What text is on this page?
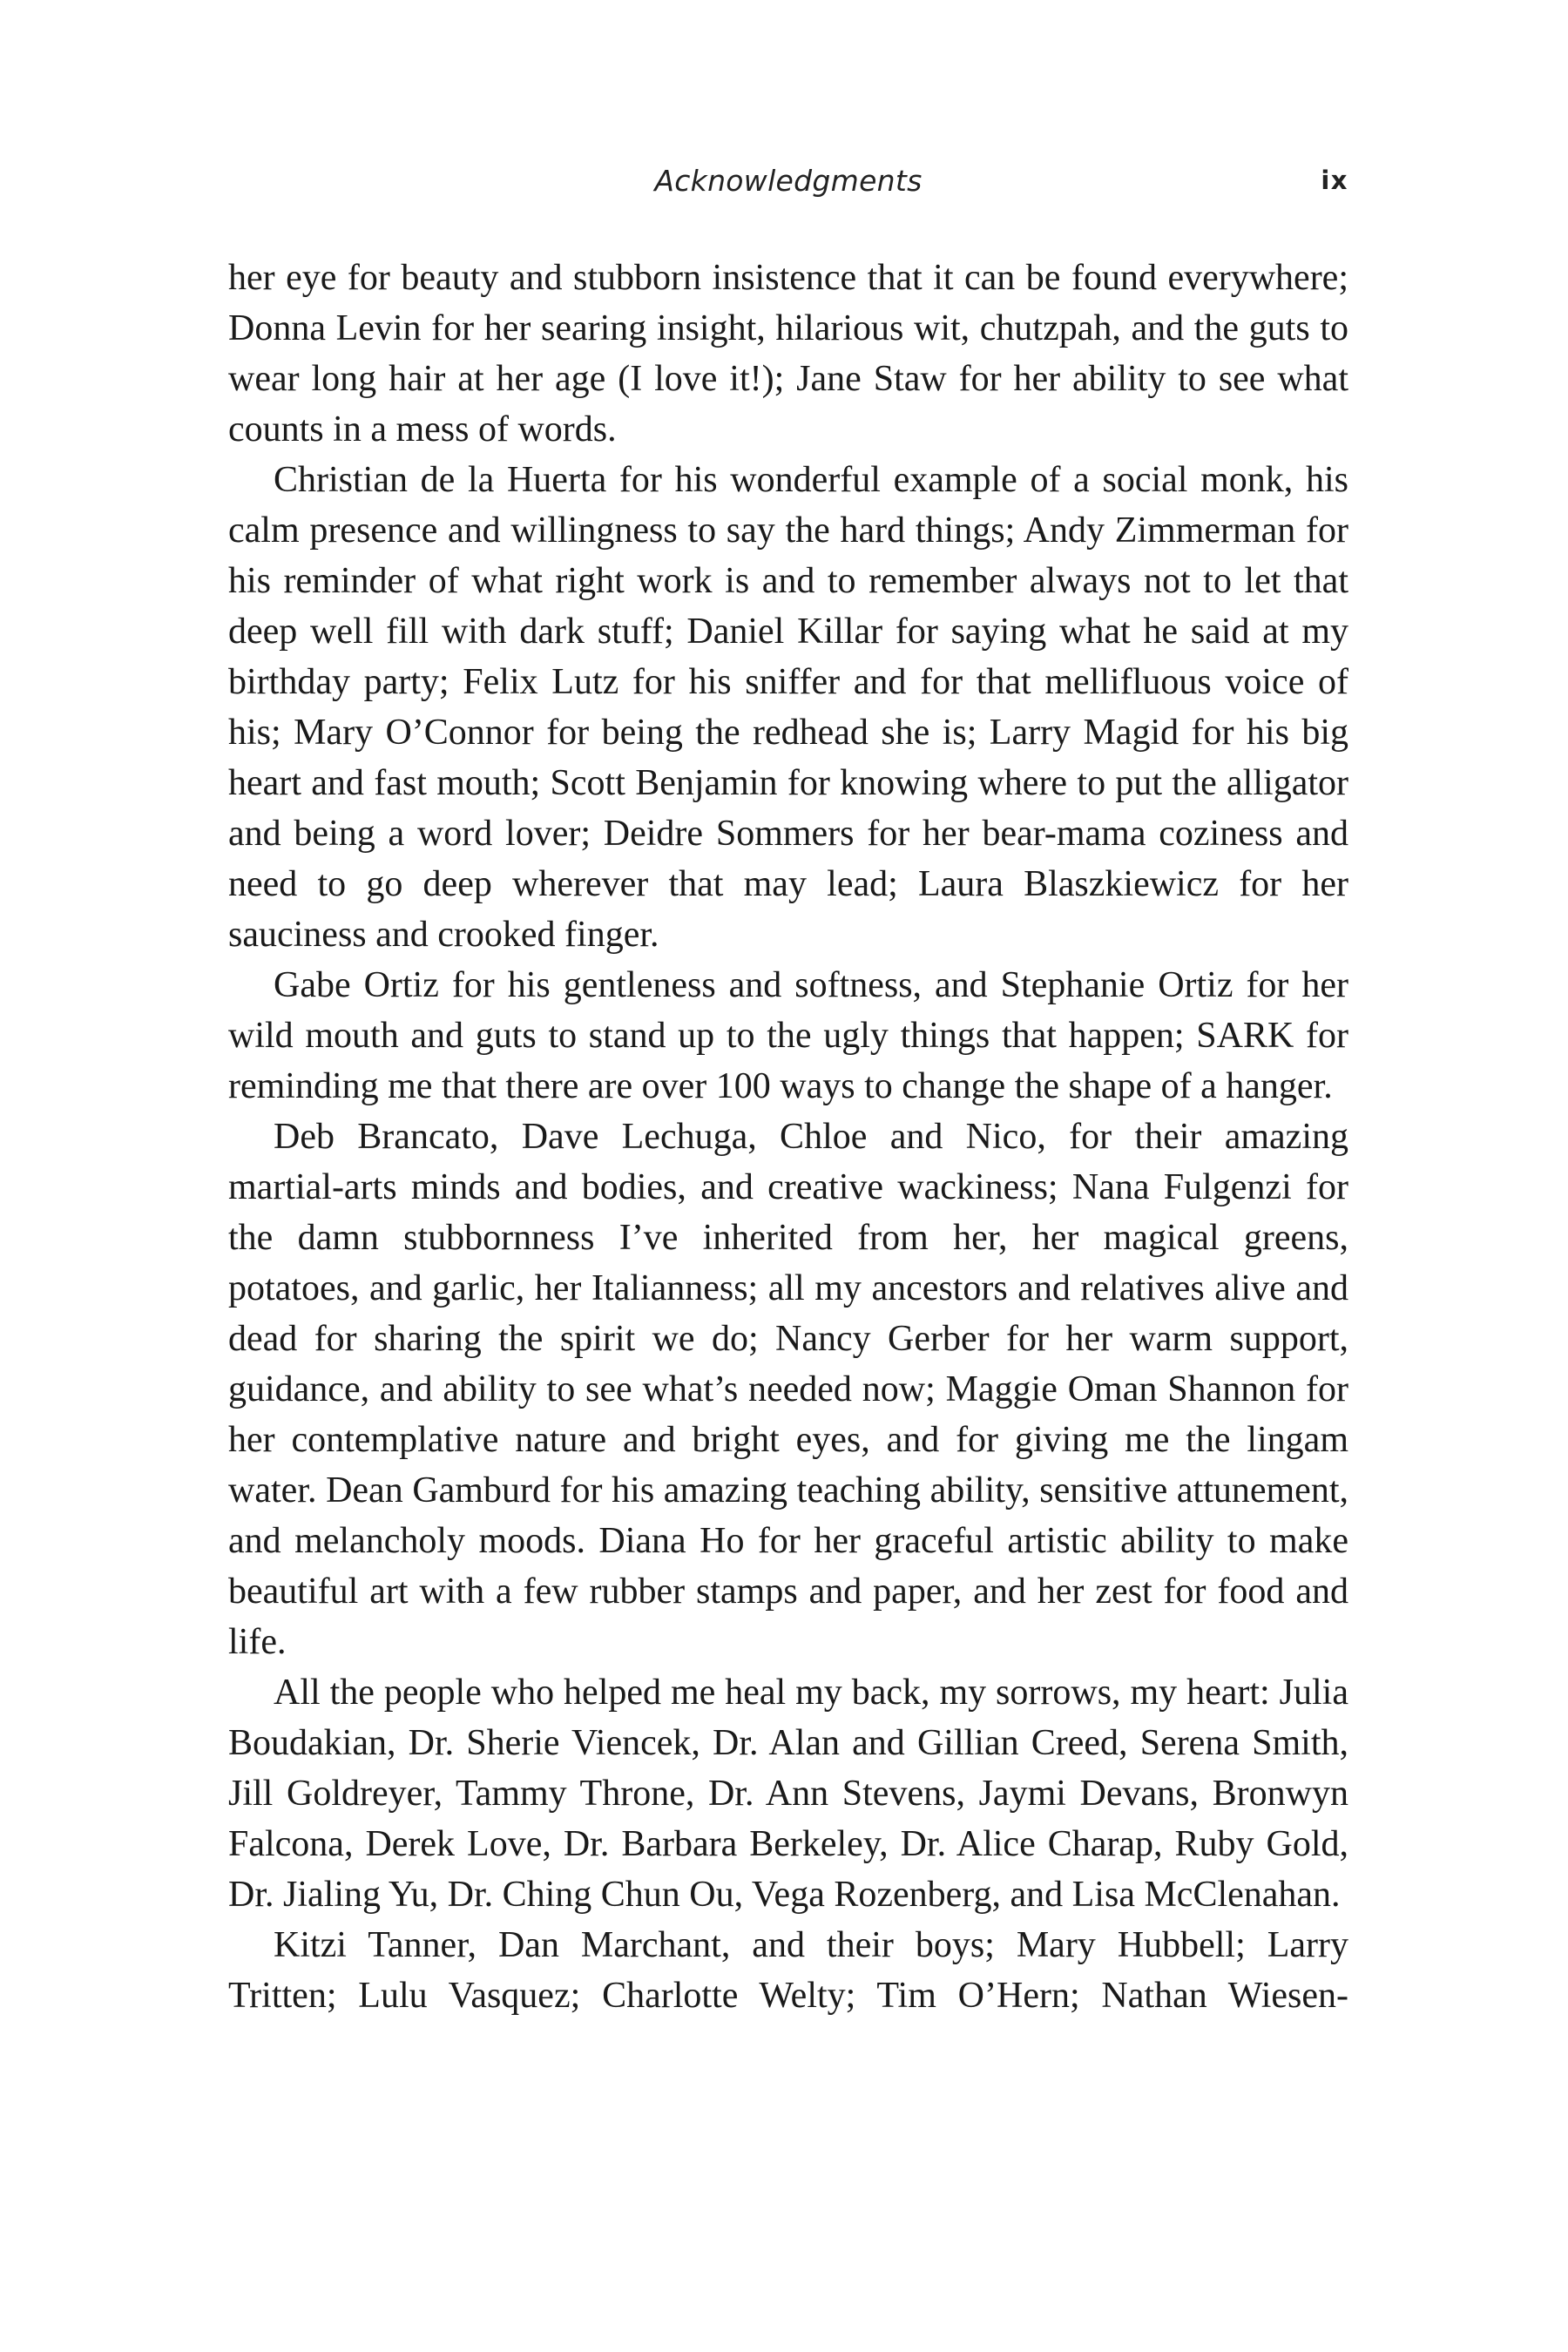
Acknowledgments	ix

her eye for beauty and stubborn insistence that it can be found everywhere; Donna Levin for her searing insight, hilarious wit, chutzpah, and the guts to wear long hair at her age (I love it!); Jane Staw for her ability to see what counts in a mess of words.

Christian de la Huerta for his wonderful example of a social monk, his calm presence and willingness to say the hard things; Andy Zimmerman for his reminder of what right work is and to remember always not to let that deep well fill with dark stuff; Daniel Killar for saying what he said at my birthday party; Felix Lutz for his sniffer and for that mellifluous voice of his; Mary O’Connor for being the redhead she is; Larry Magid for his big heart and fast mouth; Scott Benjamin for knowing where to put the alligator and being a word lover; Deidre Sommers for her bear-mama coziness and need to go deep wherever that may lead; Laura Blaszkiewicz for her sauciness and crooked finger.

Gabe Ortiz for his gentleness and softness, and Stephanie Ortiz for her wild mouth and guts to stand up to the ugly things that happen; SARK for reminding me that there are over 100 ways to change the shape of a hanger.

Deb Brancato, Dave Lechuga, Chloe and Nico, for their amazing martial-arts minds and bodies, and creative wackiness; Nana Fulgenzi for the damn stubbornness I’ve inherited from her, her magical greens, potatoes, and garlic, her Italianness; all my ancestors and relatives alive and dead for sharing the spirit we do; Nancy Gerber for her warm support, guidance, and ability to see what’s needed now; Maggie Oman Shannon for her contemplative nature and bright eyes, and for giving me the lingam water. Dean Gamburd for his amazing teaching ability, sensitive attunement, and melancholy moods. Diana Ho for her graceful artistic ability to make beautiful art with a few rubber stamps and paper, and her zest for food and life.

All the people who helped me heal my back, my sorrows, my heart: Julia Boudakian, Dr. Sherie Viencek, Dr. Alan and Gillian Creed, Serena Smith, Jill Goldreyer, Tammy Throne, Dr. Ann Stevens, Jaymi Devans, Bronwyn Falcona, Derek Love, Dr. Barbara Berkeley, Dr. Alice Charap, Ruby Gold, Dr. Jialing Yu, Dr. Ching Chun Ou, Vega Rozenberg, and Lisa McClenahan.

Kitzi Tanner, Dan Marchant, and their boys; Mary Hubbell; Larry Tritten; Lulu Vasquez; Charlotte Welty; Tim O’Hern; Nathan Wiesen-
